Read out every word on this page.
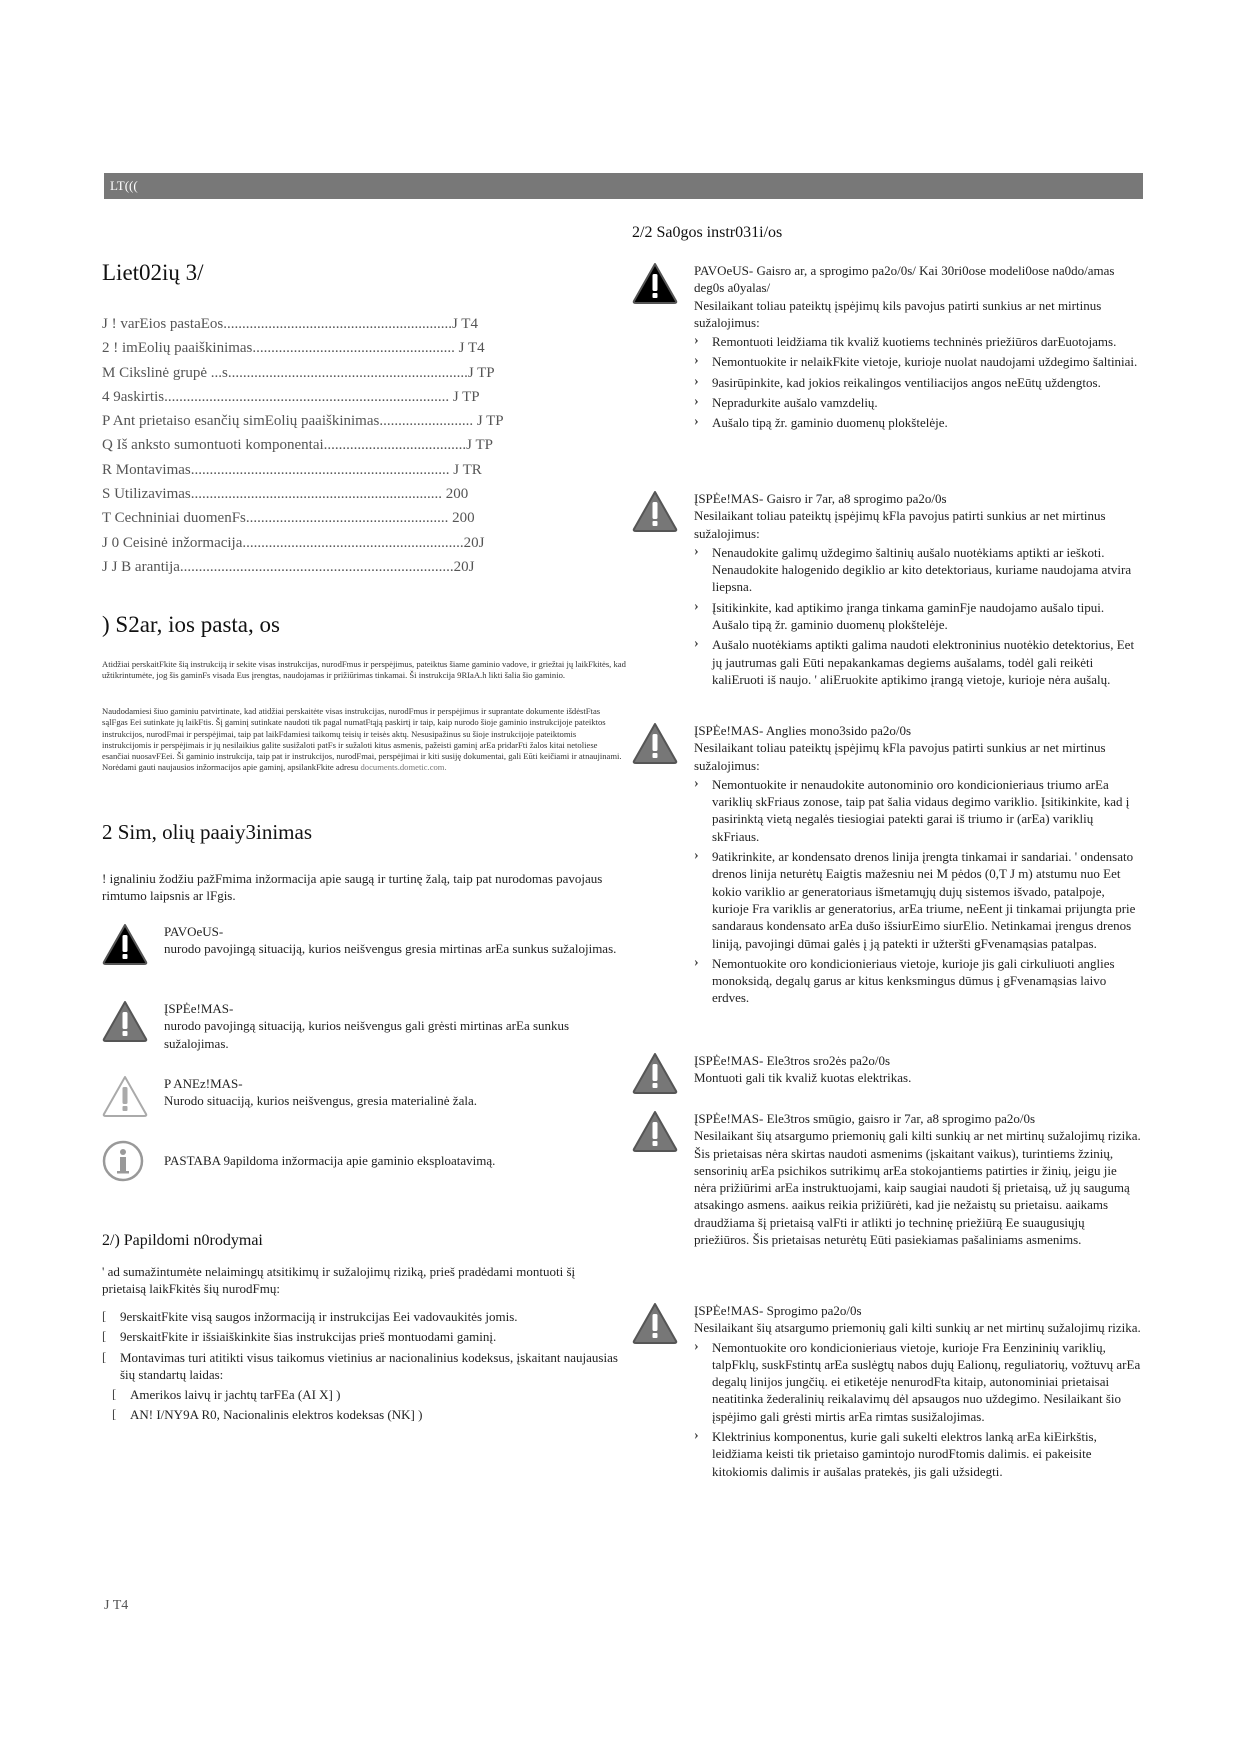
LT(((
Liet02ių 3/
J ! varEios pastaEos.............................................................J T4
2 ! imEolių paaiškinimas...................................................... J T4
M Cikslinė grupė ...s................................................................J TP
4 9askirtis............................................................................ J TP
P Ant prietaiso esančių simEolių paaiškinimas......................... J TP
Q Iš anksto sumontuoti komponentai......................................J TP
R Montavimas..................................................................... J TR
S Utilizavimas................................................................... 200
T Cechniniai duomenFs...................................................... 200
J 0 Ceisinė inžormacija...........................................................20J
J J B arantija.........................................................................20J
) S2ar, ios pasta, os
Atidžiai perskaitFkite šią instrukciją ir sekite visas instrukcijas, nurodFmus ir perspėjimus, pateiktus šiame gaminio vadove, ir griežtai jų laikFkitės, kad užtikrintumėte, jog šis gaminFs visada Eus įrengtas, naudojamas ir prižiūrimas tinkamai. Ši instrukcija 9RIaA.h likti šalia šio gaminio.
Naudodamiesi šiuo gaminiu patvirtinate, kad atidžiai perskaitėte visas instrukcijas, nurodFmus ir perspėjimus ir suprantate dokumente išdėstFtas sąlFgas Eei sutinkate jų laikFtis. Šį gaminį sutinkate naudoti tik pagal numatFtąją paskirtį ir taip, kaip nurodo šioje gaminio instrukcijoje pateiktos instrukcijos, nurodFmai ir perspėjimai, taip pat laikFdamiesi taikomų teisių ir teisės aktų. Nesusipažinus su šioje instrukcijoje pateiktomis instrukcijomis ir perspėjimais ir jų nesilaikius galite susižaloti patFs ir sužaloti kitus asmenis, pažeisti gaminį arEa pridarFti žalos kitai netoliese esančiai nuosavFEei. Ši gaminio instrukcija, taip pat ir instrukcijos, nurodFmai, perspėjimai ir kiti susiję dokumentai, gali Eūti keičiami ir atnaujinami. Norėdami gauti naujausios inžormacijos apie gaminį, apsilankFkite adresu documents.dometic.com.
2 Sim, olių paaiy3inimas
! ignaliniu žodžiu pažFmima inžormacija apie saugą ir turtinę žalą, taip pat nurodomas pavojaus rimtumo laipsnis ar lFgis.
PAVOeUS-
nurodo pavojingą situaciją, kurios neišvengus gresia mirtinas arEa sunkus sužalojimas.
ĮSPĖe!MAS-
nurodo pavojingą situaciją, kurios neišvengus gali grėsti mirtinas arEa sunkus sužalojimas.
P ANEz!MAS-
Nurodo situaciją, kurios neišvengus, gresia materialinė žala.
PASTABA 9apildoma inžormacija apie gaminio eksploatavimą.
2/) Papildomi n0rodymai
' ad sumažintumėte nelaimingų atsitikimų ir sužalojimų riziką, prieš pradėdami montuoti šį prietaisą laikFkitės šių nurodFmų:
[ 9erskaitFkite visą saugos inžormaciją ir instrukcijas Eei vadovaukitės jomis.
[ 9erskaitFkite ir išsiaiškinkite šias instrukcijas prieš montuodami gaminį.
[ Montavimas turi atitikti visus taikomus vietinius ar nacionalinius kodeksus, įskaitant naujausias šių standartų laidas:
[ Amerikos laivų ir jachtų tarFEa (AI X] )
[ AN! I/NY9A R0, Nacionalinis elektros kodeksas (NK] )
2/2 Sa0gos instr031i/os
PAVOeUS- Gaisro ar, a sprogimo pa2o/0s/ Kai 30ri0ose modeli0ose na0do/amas deg0s a0yalas/
Nesilaikant toliau pateiktų įspėjimų kils pavojus patirti sunkius ar net mirtinus sužalojimus:
› Remontuoti leidžiama tik kvaliž kuotiems techninės priežiūros darEuotojams.
› Nemontuokite ir nelaikFkite vietoje, kurioje nuolat naudojami uždegimo šaltiniai.
› 9asirūpinkite, kad jokios reikalingos ventiliacijos angos neEūtų uždengtos.
› Nepradurkite aušalo vamzdelių.
› Aušalo tipą žr. gaminio duomenų plokštelėje.
ĮSPĖe!MAS- Gaisro ir 7ar, a8 sprogimo pa2o/0s
Nesilaikant toliau pateiktų įspėjimų kFla pavojus patirti sunkius ar net mirtinus sužalojimus:
› Nenaudokite galimų uždegimo šaltinių aušalo nuotėkiams aptikti ar ieškoti. Nenaudokite halogenido degiklio ar kito detektoriaus, kuriame naudojama atvira liepsna.
› Įsitikinkite, kad aptikimo įranga tinkama gaminFje naudojamo aušalo tipui. Aušalo tipą žr. gaminio duomenų plokštelėje.
› Aušalo nuotėkiams aptikti galima naudoti elektroninius nuotėkio detektorius, Eet jų jautrumas gali Eūti nepakankamas degiems aušalams, todėl gali reikėti kaliEruoti iš naujo. ' aliEruokite aptikimo įrangą vietoje, kurioje nėra aušalų.
ĮSPĖe!MAS- Anglies mono3sido pa2o/0s
Nesilaikant toliau pateiktų įspėjimų kFla pavojus patirti sunkius ar net mirtinus sužalojimus:
› Nemontuokite ir nenaudokite autonominio oro kondicionieriaus triumo arEa variklių skFriaus zonose, taip pat šalia vidaus degimo variklio. Įsitikinkite, kad į pasirinktą vietą negalės tiesiogiai patekti garai iš triumo ir (arEa) variklių skFriaus.
› 9atikrinkite, ar kondensato drenos linija įrengta tinkamai ir sandariai. ' ondensato drenos linija neturėtų Eaigtis mažesniu nei M pėdos (0,T J m) atstumu nuo Eet kokio variklio ar generatoriaus išmetamųjų dujų sistemos išvado, patalpoje, kurioje Fra variklis ar generatorius, arEa triume, neEent ji tinkamai prijungta prie sandaraus kondensato arEa dušo išsiurEimo siurElio. Netinkamai įrengus drenos liniją, pavojingi dūmai galės į ją patekti ir užteršti gFvenamąsias patalpas.
› Nemontuokite oro kondicionieriaus vietoje, kurioje jis gali cirkuliuoti anglies monoksidą, degalų garus ar kitus kenksmingus dūmus į gFvenamąsias laivo erdves.
ĮSPĖe!MAS- Ele3tros sro2ės pa2o/0s
Montuoti gali tik kvaliž kuotas elektrikas.
ĮSPĖe!MAS- Ele3tros smūgio, gaisro ir 7ar, a8 sprogimo pa2o/0s
Nesilaikant šių atsargumo priemonių gali kilti sunkių ar net mirtinų sužalojimų rizika.
Šis prietaisas nėra skirtas naudoti asmenims (įskaitant vaikus), turintiems žzinių, sensorinių arEa psichikos sutrikimų arEa stokojantiems patirties ir žinių, jeigu jie nėra prižiūrimi arEa instruktuojami, kaip saugiai naudoti šį prietaisą, už jų saugumą atsakingo asmens. aaikus reikia prižiūrėti, kad jie nežaistų su prietaisu. aaikams draudžiama šį prietaisą valFti ir atlikti jo techninę priežiūrą Ee suaugusiųjų priežiūros. Šis prietaisas neturėtų Eūti pasiekiamas pašaliniams asmenims.
ĮSPĖe!MAS- Sprogimo pa2o/0s
Nesilaikant šių atsargumo priemonių gali kilti sunkių ar net mirtinų sužalojimų rizika.
› Nemontuokite oro kondicionieriaus vietoje, kurioje Fra Eenzininių variklių, talpFklų, suskFstintų arEa suslėgtų nabos dujų Ealionų, reguliatorių, vožtuvų arEa degalų linijos jungčių. ei etiketėje nenurodFta kitaip, autonominiai prietaisai neatitinka žederalinių reikalavimų dėl apsaugos nuo uždegimo. Nesilaikant šio įspėjimo gali grėsti mirtis arEa rimtas susižalojimas.
› Klektrinius komponentus, kurie gali sukelti elektros lanką arEa kiEirkštis, leidžiama keisti tik prietaiso gamintojo nurodFtomis dalimis. ei pakeisite kitokiomis dalimis ir aušalas pratekės, jis gali užsidegti.
J T4
